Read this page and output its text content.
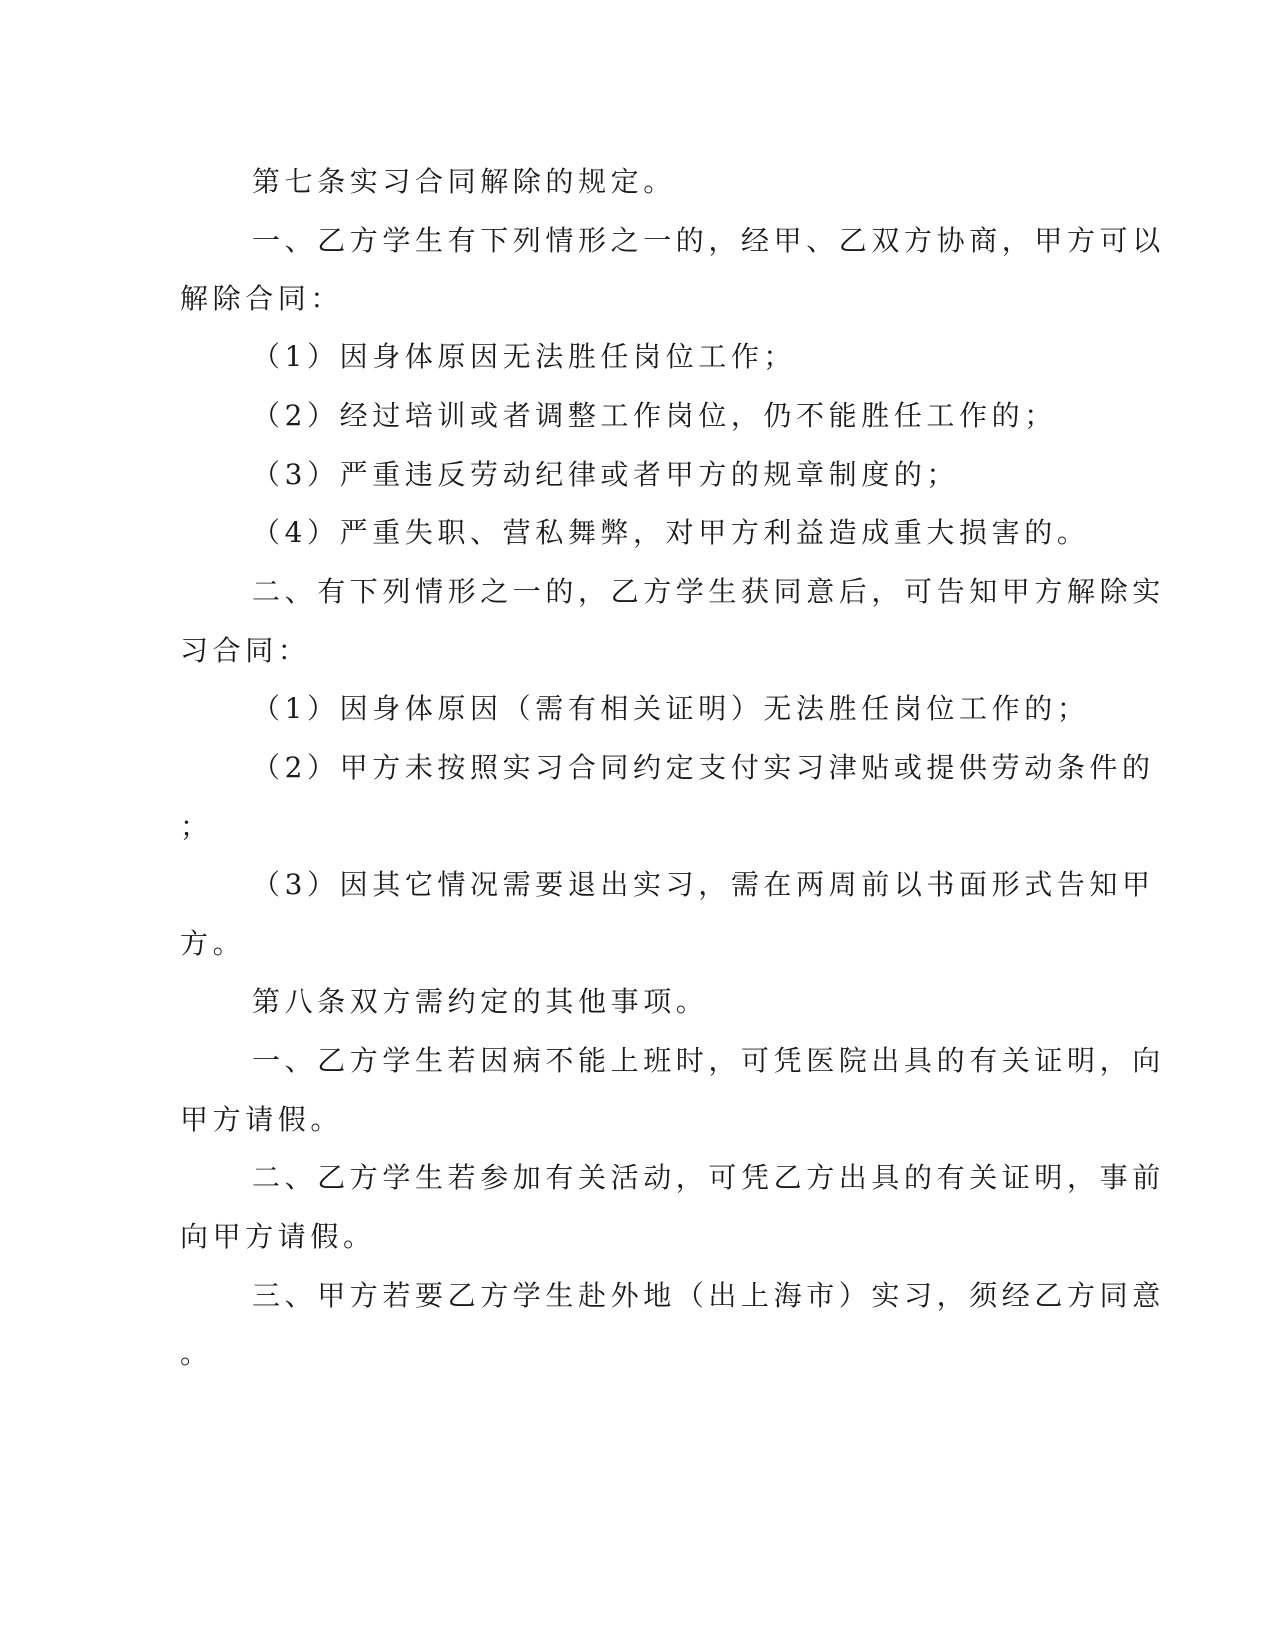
第七条实习合同解除的规定。
一、乙方学生有下列情形之一的，经甲、乙双方协商，甲方可以
解除合同：
（1）因身体原因无法胜任岗位工作；
（2）经过培训或者调整工作岗位，仍不能胜任工作的；
（3）严重违反劳动纪律或者甲方的规章制度的；
（4）严重失职、营私舞弊，对甲方利益造成重大损害的。
二、有下列情形之一的，乙方学生获同意后，可告知甲方解除实
习合同：
（1）因身体原因（需有相关证明）无法胜任岗位工作的；
（2）甲方未按照实习合同约定支付实习津贴或提供劳动条件的
；
（3）因其它情况需要退出实习，需在两周前以书面形式告知甲
方。
第八条双方需约定的其他事项。
一、乙方学生若因病不能上班时，可凭医院出具的有关证明，向
甲方请假。
二、乙方学生若参加有关活动，可凭乙方出具的有关证明，事前
向甲方请假。
三、甲方若要乙方学生赴外地（出上海市）实习，须经乙方同意
。
